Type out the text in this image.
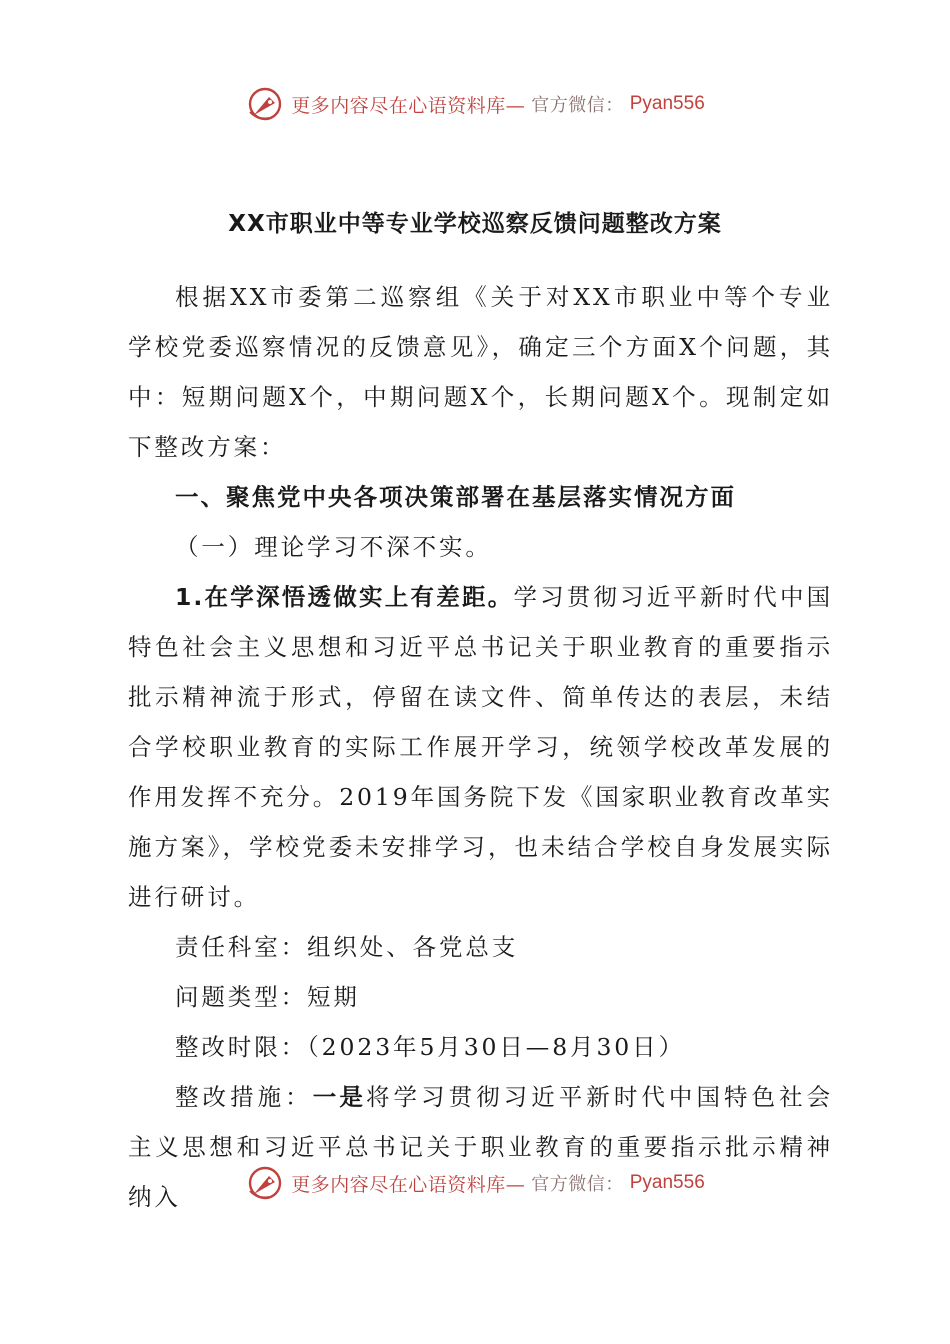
更多内容尽在心语资料库— 官方微信： Pyan556
XX市职业中等专业学校巡察反馈问题整改方案

根据XX市委第二巡察组《关于对XX市职业中等个专业学校党委巡察情况的反馈意见》，确定三个方面X个问题，其中：短期问题X个，中期问题X个，长期问题X个。现制定如下整改方案：

一、聚焦党中央各项决策部署在基层落实情况方面

（一）理论学习不深不实。

1.在学深悟透做实上有差距。学习贯彻习近平新时代中国特色社会主义思想和习近平总书记关于职业教育的重要指示批示精神流于形式，停留在读文件、简单传达的表层，未结合学校职业教育的实际工作展开学习，统领学校改革发展的作用发挥不充分。2019年国务院下发《国家职业教育改革实施方案》，学校党委未安排学习，也未结合学校自身发展实际进行研讨。

责任科室：组织处、各党总支

问题类型：短期

整改时限：（2023年5月30日—8月30日）

整改措施：一是将学习贯彻习近平新时代中国特色社会主义思想和习近平总书记关于职业教育的重要指示批示精神纳入	更多内容尽在心语资料库— 官方微信： Pyan556
